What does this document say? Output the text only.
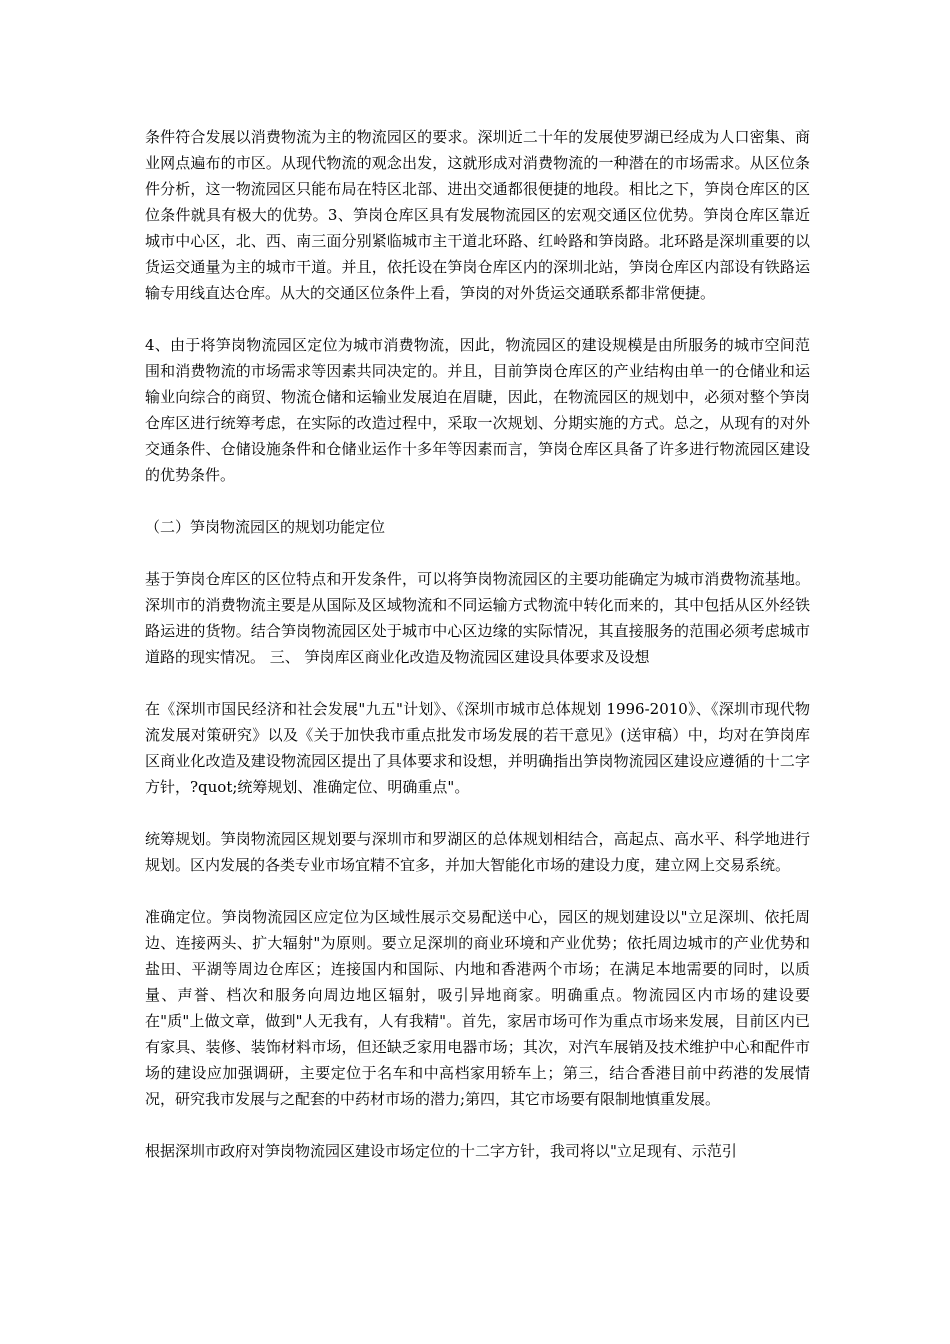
条件符合发展以消费物流为主的物流园区的要求。深圳近二十年的发展使罗湖已经成为人口密集、商业网点遍布的市区。从现代物流的观念出发，这就形成对消费物流的一种潜在的市场需求。从区位条件分析，这一物流园区只能布局在特区北部、进出交通都很便捷的地段。相比之下，笋岗仓库区的区位条件就具有极大的优势。3、笋岗仓库区具有发展物流园区的宏观交通区位优势。笋岗仓库区靠近城市中心区，北、西、南三面分别紧临城市主干道北环路、红岭路和笋岗路。北环路是深圳重要的以货运交通量为主的城市干道。并且，依托设在笋岗仓库区内的深圳北站，笋岗仓库区内部设有铁路运输专用线直达仓库。从大的交通区位条件上看，笋岗的对外货运交通联系都非常便捷。

4、由于将笋岗物流园区定位为城市消费物流，因此，物流园区的建设规模是由所服务的城市空间范围和消费物流的市场需求等因素共同决定的。并且，目前笋岗仓库区的产业结构由单一的仓储业和运输业向综合的商贸、物流仓储和运输业发展迫在眉睫，因此，在物流园区的规划中，必须对整个笋岗仓库区进行统筹考虑，在实际的改造过程中，采取一次规划、分期实施的方式。总之，从现有的对外交通条件、仓储设施条件和仓储业运作十多年等因素而言，笋岗仓库区具备了许多进行物流园区建设的优势条件。

（二）笋岗物流园区的规划功能定位

基于笋岗仓库区的区位特点和开发条件，可以将笋岗物流园区的主要功能确定为城市消费物流基地。深圳市的消费物流主要是从国际及区域物流和不同运输方式物流中转化而来的，其中包括从区外经铁路运进的货物。结合笋岗物流园区处于城市中心区边缘的实际情况，其直接服务的范围必须考虑城市道路的现实情况。 三、 笋岗库区商业化改造及物流园区建设具体要求及设想

在《深圳市国民经济和社会发展"九五"计划》、《深圳市城市总体规划 1996-2010》、《深圳市现代物流发展对策研究》以及《关于加快我市重点批发市场发展的若干意见》(送审稿）中，均对在笋岗库区商业化改造及建设物流园区提出了具体要求和设想，并明确指出笋岗物流园区建设应遵循的十二字方针，?quot;统筹规划、准确定位、明确重点"。

统筹规划。笋岗物流园区规划要与深圳市和罗湖区的总体规划相结合，高起点、高水平、科学地进行规划。区内发展的各类专业市场宜精不宜多，并加大智能化市场的建设力度，建立网上交易系统。

准确定位。笋岗物流园区应定位为区域性展示交易配送中心，园区的规划建设以"立足深圳、依托周边、连接两头、扩大辐射"为原则。要立足深圳的商业环境和产业优势；依托周边城市的产业优势和盐田、平湖等周边仓库区；连接国内和国际、内地和香港两个市场；在满足本地需要的同时，以质量、声誉、档次和服务向周边地区辐射，吸引异地商家。明确重点。物流园区内市场的建设要在"质"上做文章，做到"人无我有，人有我精"。首先，家居市场可作为重点市场来发展，目前区内已有家具、装修、装饰材料市场，但还缺乏家用电器市场；其次，对汽车展销及技术维护中心和配件市场的建设应加强调研，主要定位于名车和中高档家用轿车上；第三，结合香港目前中药港的发展情况，研究我市发展与之配套的中药材市场的潜力;第四，其它市场要有限制地慎重发展。

根据深圳市政府对笋岗物流园区建设市场定位的十二字方针，我司将以"立足现有、示范引
